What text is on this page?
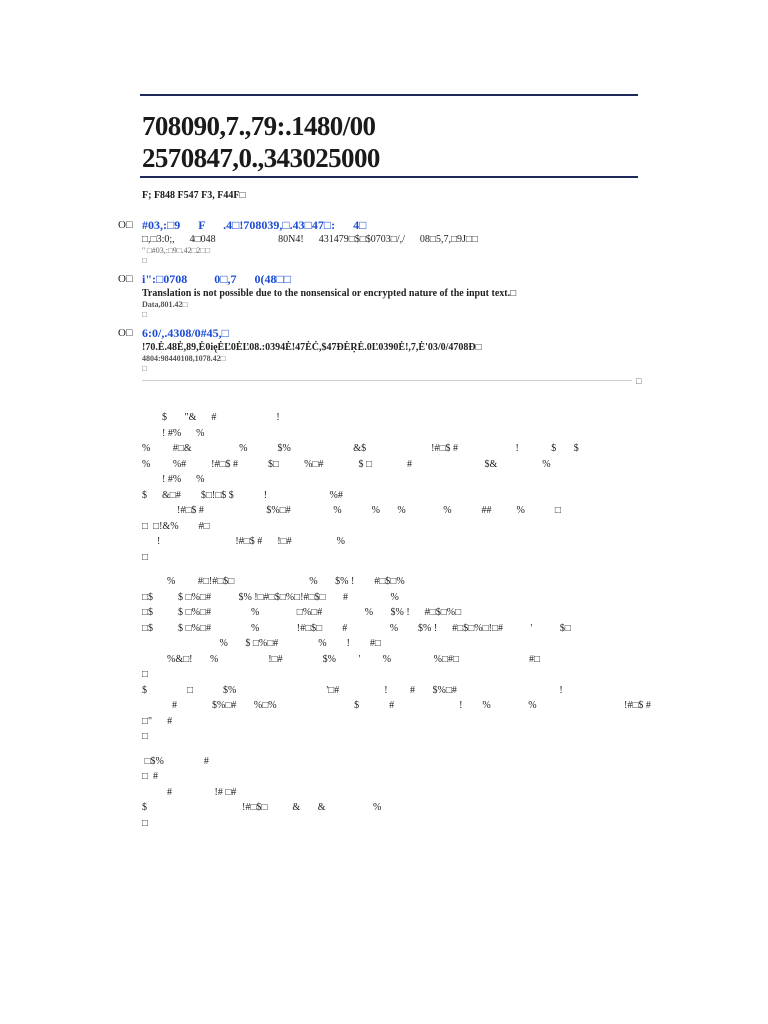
708090,7.,79:.1480/00
2570847,0.,343025000

F; F848 F547 F3, F44F□

O□ #03,:□9      F      .4□!708039,□.43□47□:      4□
□,□3:0;,      4□048                         80N4!      431479□$□$0703□/,/      08□5,7,□9J□□
'' □#03,:□9□.42□2□□
□
O□ i":□0708         0□,7      0(48□□
Translation is not possible due to the nonsensical or encrypted nature of the input text.□
Data,801.42□
□
O□ 6:0/,.4308/0#45,□
!70.Ė.48Ė,89,Ė0ięĖĽ0ĖĽ08.:0394Ė!47ĖĊ,$47ÐĖṚĖ.0Ľ0390Ė!,7,Ė'03/0/4708Ð□
4804:98440108,1078.42□
□
□
$       "&      #                        !
! #%      %
%         #□&                   %            $%                         &$                          !#□$ #                       !             $       $
%         %#          !#□$ #            $□          %□#              $ □              #                             $&                  %
! #%      %
$      &□#        $□!□$ $            !                         %#
!#□$ #                         $%□#                 %            %       %               %            ##          %            □
□  □!&%        #□
!                              !#□$ #      !□#                  %
□
%         #□!#□$□                              %       $% !        #□$□%
□$          $ □%□#           $% !□#□$□%□!#□$□       #                 %
□$          $ □%□#                %               □%□#                 %       $% !      #□$□%□
□$          $ □%□#                %               !#□$□        #                 %        $% !      #□$□%□!□#           '           $□
%       $ □%□#                %        !        #□
%&□!       %                    !□#                $%         '         %                 %□#□                            #□
□
$                □            $%                                    '□#                  !         #       $%□#                                         !
#              $%□#       %□%                               $            #                          !        %               %                                   !#□$ #
□"      #
□
□$%                #
□  #
#                 !# □#
$                                      !#□$□          &       &                   %
□
